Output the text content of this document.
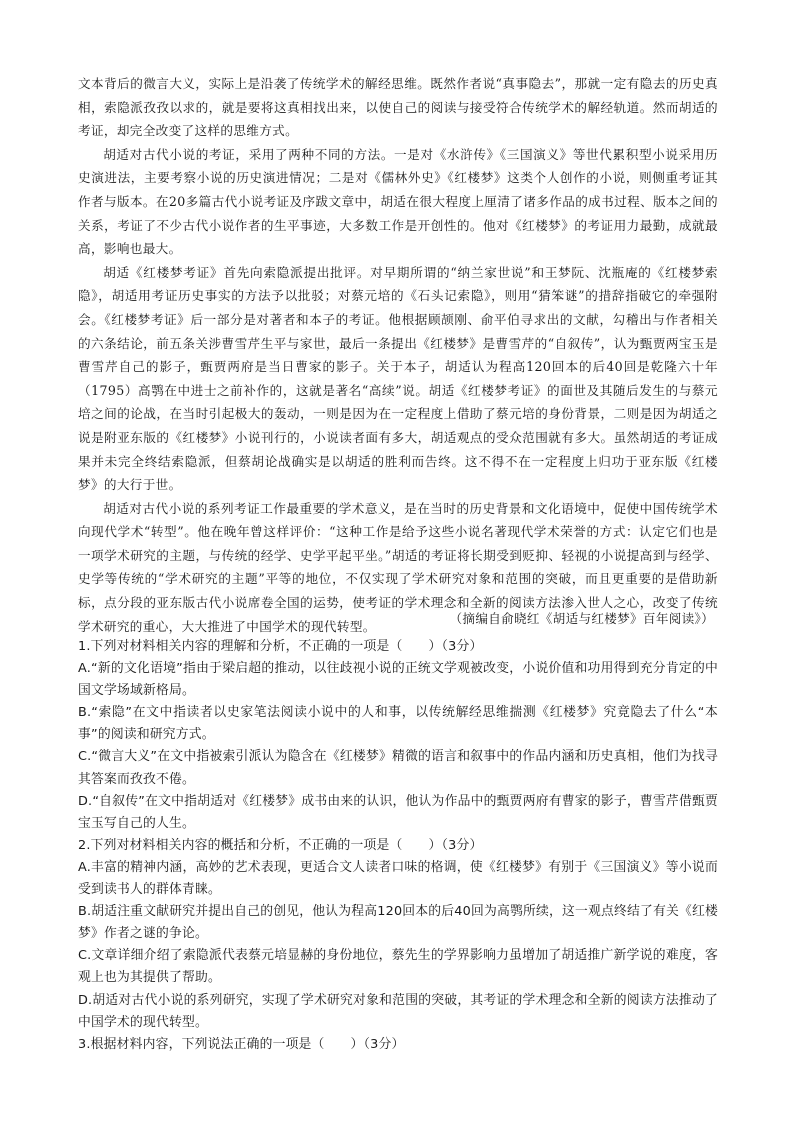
文本背后的微言大义，实际上是沿袭了传统学术的解经思维。既然作者说“真事隐去”，那就一定有隐去的历史真相，索隐派孜孜以求的，就是要将这真相找出来，以使自己的阅读与接受符合传统学术的解经轨道。然而胡适的考证，却完全改变了这样的思维方式。

胡适对古代小说的考证，采用了两种不同的方法。一是对《水浒传》《三国演义》等世代累积型小说采用历史演进法，主要考察小说的历史演进情况；二是对《儒林外史》《红楼梦》这类个人创作的小说，则侧重考证其作者与版本。在20多篇古代小说考证及序跋文章中，胡适在很大程度上厘清了诸多作品的成书过程、版本之间的关系，考证了不少古代小说作者的生平事迹，大多数工作是开创性的。他对《红楼梦》的考证用力最勤，成就最高，影响也最大。

胡适《红楼梦考证》首先向索隐派提出批评。对早期所谓的“纳兰家世说”和王梦阮、沈瓶庵的《红楼梦索隐》，胡适用考证历史事实的方法予以批驳；对蔡元培的《石头记索隐》，则用“猜笨谜”的措辞指破它的牵强附会。《红楼梦考证》后一部分是对著者和本子的考证。他根据顾颉刚、俞平伯寻求出的文献，勾稽出与作者相关的六条结论，前五条关涉曹雪芹生平与家世，最后一条提出《红楼梦》是曹雪芹的“自叙传”，认为甄贾两宝玉是曹雪芹自己的影子，甄贾两府是当日曹家的影子。关于本子，胡适认为程高120回本的后40回是乾隆六十年（1795）高鹗在中进士之前补作的，这就是著名“高续”说。胡适《红楼梦考证》的面世及其随后发生的与蔡元培之间的论战，在当时引起极大的轰动，一则是因为在一定程度上借助了蔡元培的身份背景，二则是因为胡适之说是附亚东版的《红楼梦》小说刊行的，小说读者面有多大，胡适观点的受众范围就有多大。虽然胡适的考证成果并未完全终结索隐派，但蔡胡论战确实是以胡适的胜利而告终。这不得不在一定程度上归功于亚东版《红楼梦》的大行于世。

胡适对古代小说的系列考证工作最重要的学术意义，是在当时的历史背景和文化语境中，促使中国传统学术向现代学术“转型”。他在晚年曾这样评价：“这种工作是给予这些小说名著现代学术荣誉的方式：认定它们也是一项学术研究的主题，与传统的经学、史学平起平坐。”胡适的考证将长期受到贬抑、轻视的小说提高到与经学、史学等传统的“学术研究的主题”平等的地位，不仅实现了学术研究对象和范围的突破，而且更重要的是借助新标，点分段的亚东版古代小说席卷全国的运势，使考证的学术理念和全新的阅读方法渗入世人之心，改变了传统学术研究的重心，大大推进了中国学术的现代转型。

（摘编自俞晓红《胡适与红楼梦》百年阅读》）

1.下列对材料相关内容的理解和分析，不正确的一项是（　　）（3分）

A.“新的文化语境”指由于梁启超的推动，以往歧视小说的正统文学观被改变，小说价值和功用得到充分肯定的中国文学场域新格局。

B.“索隐”在文中指读者以史家笔法阅读小说中的人和事，以传统解经思维揣测《红楼梦》究竟隐去了什么“本事”的阅读和研究方式。

C.“微言大义”在文中指被索引派认为隐含在《红楼梦》精微的语言和叙事中的作品内涵和历史真相，他们为找寻其答案而孜孜不倦。

D.“自叙传”在文中指胡适对《红楼梦》成书由来的认识，他认为作品中的甄贾两府有曹家的影子，曹雪芹借甄贾宝玉写自己的人生。

2.下列对材料相关内容的概括和分析，不正确的一项是（　　）（3分）

A.丰富的精神内涵，高妙的艺术表现，更适合文人读者口味的格调，使《红楼梦》有别于《三国演义》等小说而受到读书人的群体青睐。

B.胡适注重文献研究并提出自己的创见，他认为程高120回本的后40回为高鹗所续，这一观点终结了有关《红楼梦》作者之谜的争论。

C.文章详细介绍了索隐派代表蔡元培显赫的身份地位，蔡先生的学界影响力虽增加了胡适推广新学说的难度，客观上也为其提供了帮助。

D.胡适对古代小说的系列研究，实现了学术研究对象和范围的突破，其考证的学术理念和全新的阅读方法推动了中国学术的现代转型。

3.根据材料内容，下列说法正确的一项是（　　）（3分）
